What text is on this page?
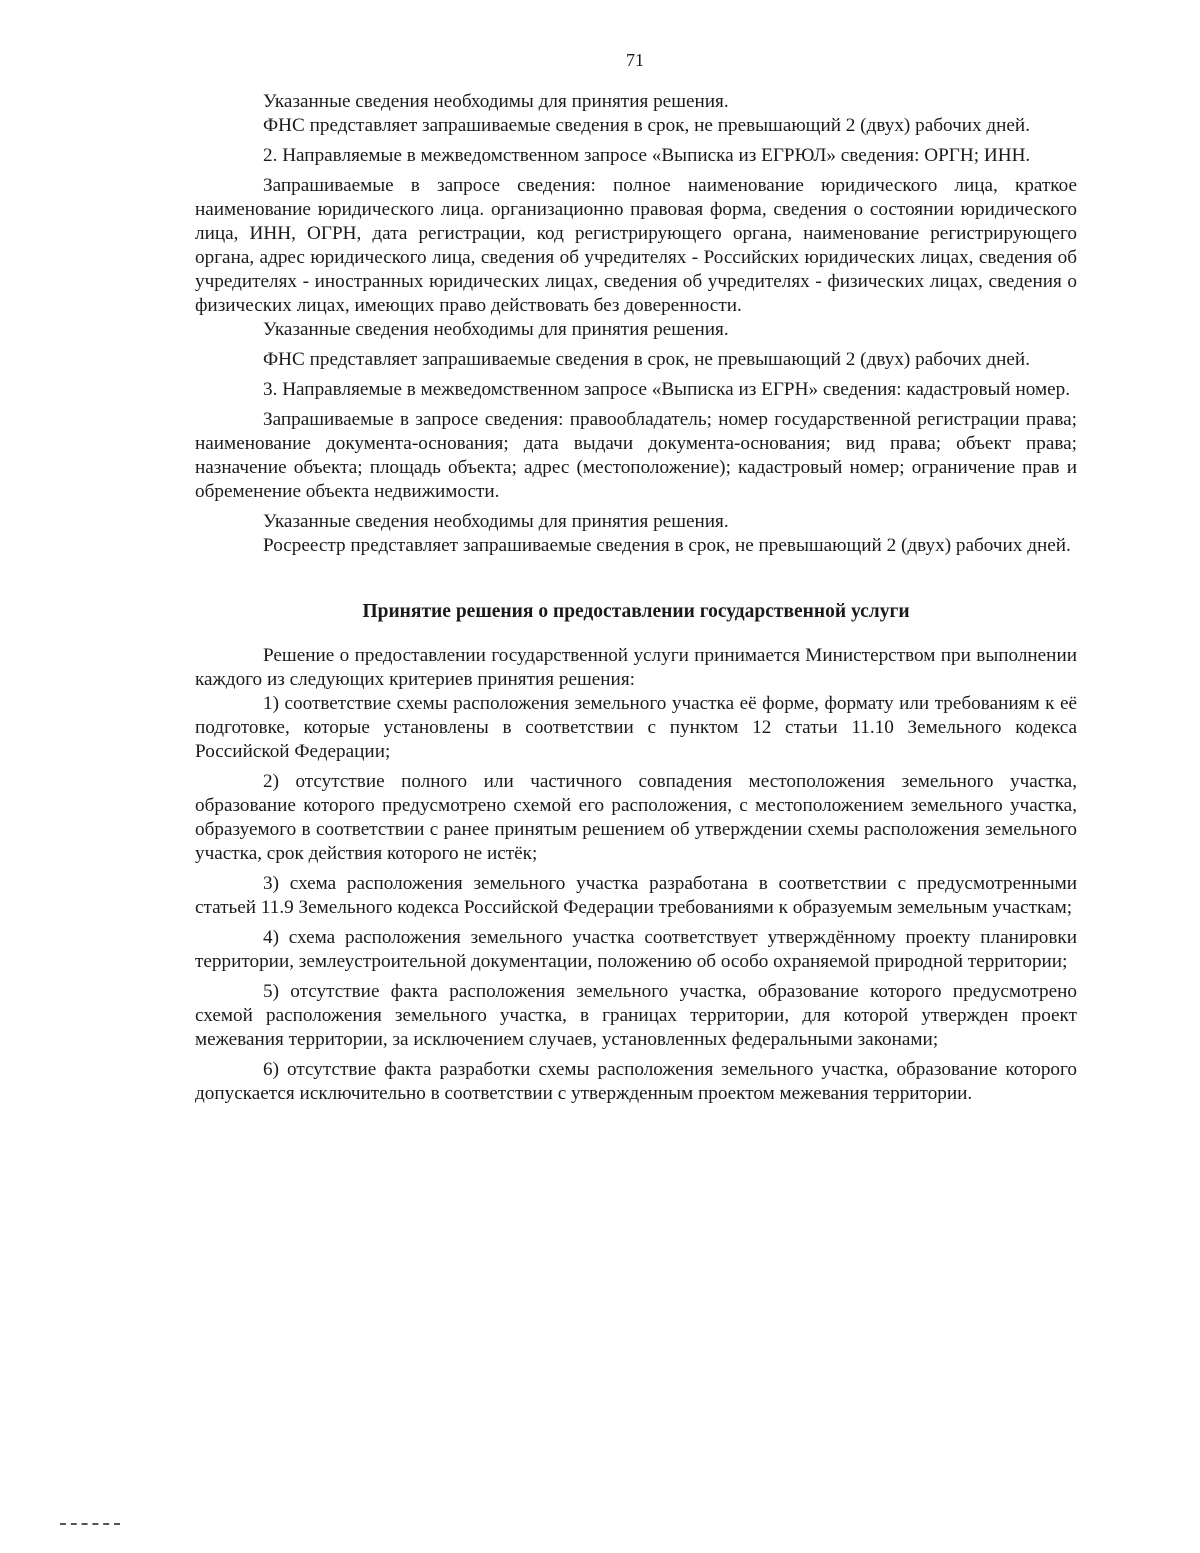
71

Указанные сведения необходимы для принятия решения.

ФНС представляет запрашиваемые сведения в срок, не превышающий 2 (двух) рабочих дней.

2. Направляемые в межведомственном запросе «Выписка из ЕГРЮЛ» сведения: ОРГН; ИНН.

Запрашиваемые в запросе сведения: полное наименование юридического лица, краткое наименование юридического лица. организационно правовая форма, сведения о состоянии юридического лица, ИНН, ОГРН, дата регистрации, код регистрирующего органа, наименование регистрирующего органа, адрес юридического лица, сведения об учредителях - Российских юридических лицах, сведения об учредителях - иностранных юридических лицах, сведения об учредителях - физических лицах, сведения о физических лицах, имеющих право действовать без доверенности.

Указанные сведения необходимы для принятия решения.

ФНС представляет запрашиваемые сведения в срок, не превышающий 2 (двух) рабочих дней.

3. Направляемые в межведомственном запросе «Выписка из ЕГРН» сведения: кадастровый номер.

Запрашиваемые в запросе сведения: правообладатель; номер государственной регистрации права; наименование документа-основания; дата выдачи документа-основания; вид права; объект права; назначение объекта; площадь объекта; адрес (местоположение); кадастровый номер; ограничение прав и обременение объекта недвижимости.

Указанные сведения необходимы для принятия решения.

Росреестр представляет запрашиваемые сведения в срок, не превышающий 2 (двух) рабочих дней.

Принятие решения о предоставлении государственной услуги

Решение о предоставлении государственной услуги принимается Министерством при выполнении каждого из следующих критериев принятия решения:

1) соответствие схемы расположения земельного участка её форме, формату или требованиям к её подготовке, которые установлены в соответствии с пунктом 12 статьи 11.10 Земельного кодекса Российской Федерации;

2) отсутствие полного или частичного совпадения местоположения земельного участка, образование которого предусмотрено схемой его расположения, с местоположением земельного участка, образуемого в соответствии с ранее принятым решением об утверждении схемы расположения земельного участка, срок действия которого не истёк;

3) схема расположения земельного участка разработана в соответствии с предусмотренными статьей 11.9 Земельного кодекса Российской Федерации требованиями к образуемым земельным участкам;

4) схема расположения земельного участка соответствует утверждённому проекту планировки территории, землеустроительной документации, положению об особо охраняемой природной территории;

5) отсутствие факта расположения земельного участка, образование которого предусмотрено схемой расположения земельного участка, в границах территории, для которой утвержден проект межевания территории, за исключением случаев, установленных федеральными законами;

6) отсутствие факта разработки схемы расположения земельного участка, образование которого допускается исключительно в соответствии с утвержденным проектом межевания территории.
